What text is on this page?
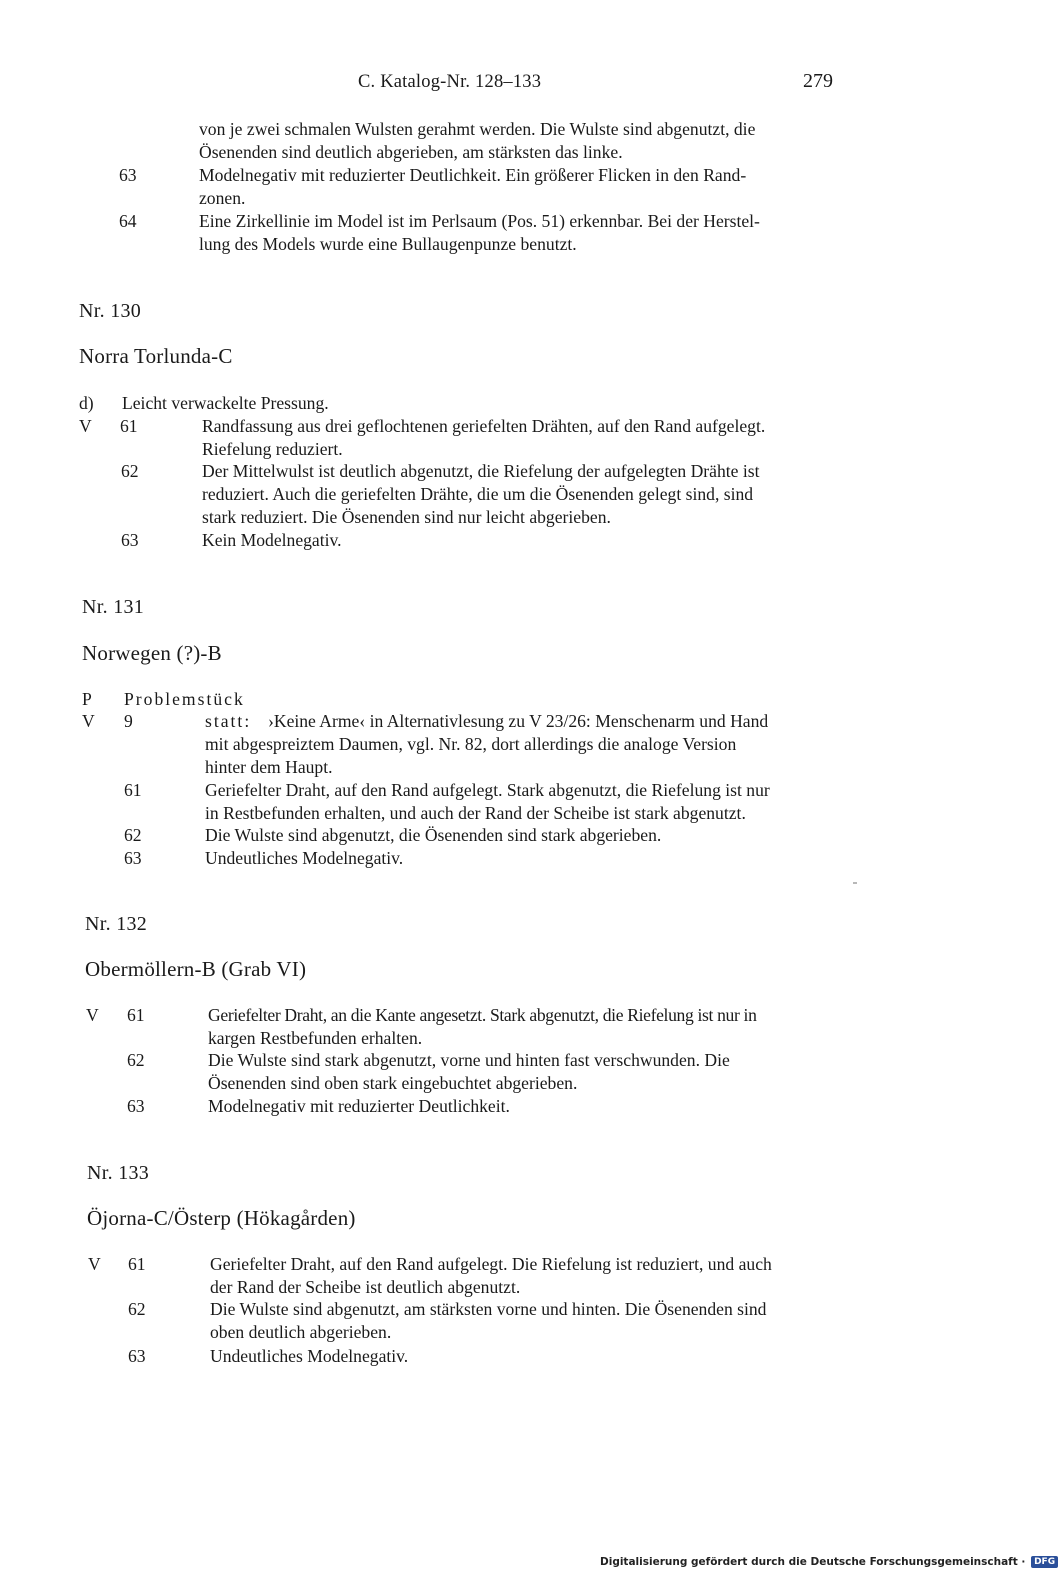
C. Katalog-Nr. 128–133	279
von je zwei schmalen Wulsten gerahmt werden. Die Wulste sind abgenutzt, die
Ösenenden sind deutlich abgerieben, am stärksten das linke.
63	Modelnegativ mit reduzierter Deutlichkeit. Ein größerer Flicken in den Rand-
zonen.
64	Eine Zirkellinie im Model ist im Perlsaum (Pos. 51) erkennbar. Bei der Herstel-
lung des Models wurde eine Bullaugenpunze benutzt.
Nr. 130
Norra Torlunda-C
d) Leicht verwackelte Pressung.
V 61	Randfassung aus drei geflochtenen geriefelten Drähten, auf den Rand aufgelegt.
Riefelung reduziert.
62	Der Mittelwulst ist deutlich abgenutzt, die Riefelung der aufgelegten Drähte ist
reduziert. Auch die geriefelten Drähte, die um die Ösenenden gelegt sind, sind
stark reduziert. Die Ösenenden sind nur leicht abgerieben.
63	Kein Modelnegativ.
Nr. 131
Norwegen (?)-B
P Problemstück
V 9	statt: ›Keine Arme‹ in Alternativlesung zu V 23/26: Menschenarm und Hand
mit abgespreiztem Daumen, vgl. Nr. 82, dort allerdings die analoge Version
hinter dem Haupt.
61	Geriefelter Draht, auf den Rand aufgelegt. Stark abgenutzt, die Riefelung ist nur
in Restbefunden erhalten, und auch der Rand der Scheibe ist stark abgenutzt.
62	Die Wulste sind abgenutzt, die Ösenenden sind stark abgerieben.
63	Undeutliches Modelnegativ.
Nr. 132
Obermöllern-B (Grab VI)
V 61	Geriefelter Draht, an die Kante angesetzt. Stark abgenutzt, die Riefelung ist nur in
kargen Restbefunden erhalten.
62	Die Wulste sind stark abgenutzt, vorne und hinten fast verschwunden. Die
Ösenenden sind oben stark eingebuchtet abgerieben.
63	Modelnegativ mit reduzierter Deutlichkeit.
Nr. 133
Öjorna-C/Österp (Hökagården)
V 61	Geriefelter Draht, auf den Rand aufgelegt. Die Riefelung ist reduziert, und auch
der Rand der Scheibe ist deutlich abgenutzt.
62	Die Wulste sind abgenutzt, am stärksten vorne und hinten. Die Ösenenden sind
oben deutlich abgerieben.
63	Undeutliches Modelnegativ.
Digitalisierung gefördert durch die Deutsche Forschungsgemeinschaft · DFG
